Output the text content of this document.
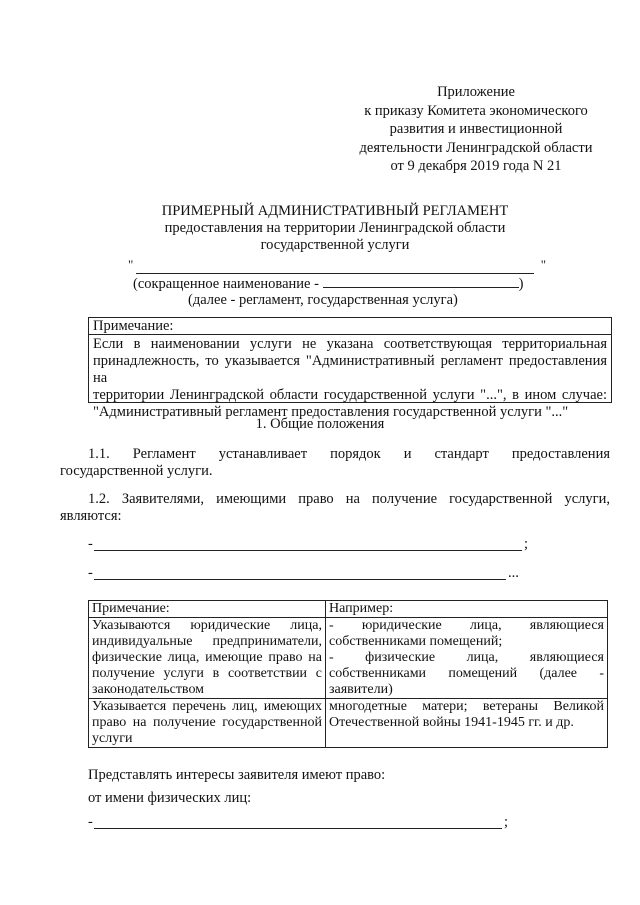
Приложение
к приказу Комитета экономического
развития и инвестиционной
деятельности Ленинградской области
от 9 декабря 2019 года N 21
ПРИМЕРНЫЙ АДМИНИСТРАТИВНЫЙ РЕГЛАМЕНТ
предоставления на территории Ленинградской области
государственной услуги
"	"
(сокращенное наименование -	)
(далее - регламент, государственная услуга)
Примечание:
Если в наименовании услуги не указана соответствующая территориальная
принадлежность, то указывается "Административный регламент предоставления на
территории Ленинградской области государственной услуги "...", в ином случае:
"Административный регламент предоставления государственной услуги "..."
1. Общие положения
1.1. Регламент устанавливает порядок и стандарт предоставления
государственной услуги.
1.2. Заявителями, имеющими право на получение государственной услуги,
являются:
-	;
-	...
Примечание:	Например:

Указываются юридические лица,
индивидуальные предприниматели,
физические лица, имеющие право на
получение услуги в соответствии с
законодательством	- юридические лица, являющиеся
собственниками помещений;
- физические лица, являющиеся
собственниками помещений (далее -
заявители)

Указывается перечень лиц, имеющих
право на получение государственной
услуги	многодетные матери; ветераны Великой
Отечественной войны 1941-1945 гг. и др.
Представлять интересы заявителя имеют право:
от имени физических лиц:
-	;
